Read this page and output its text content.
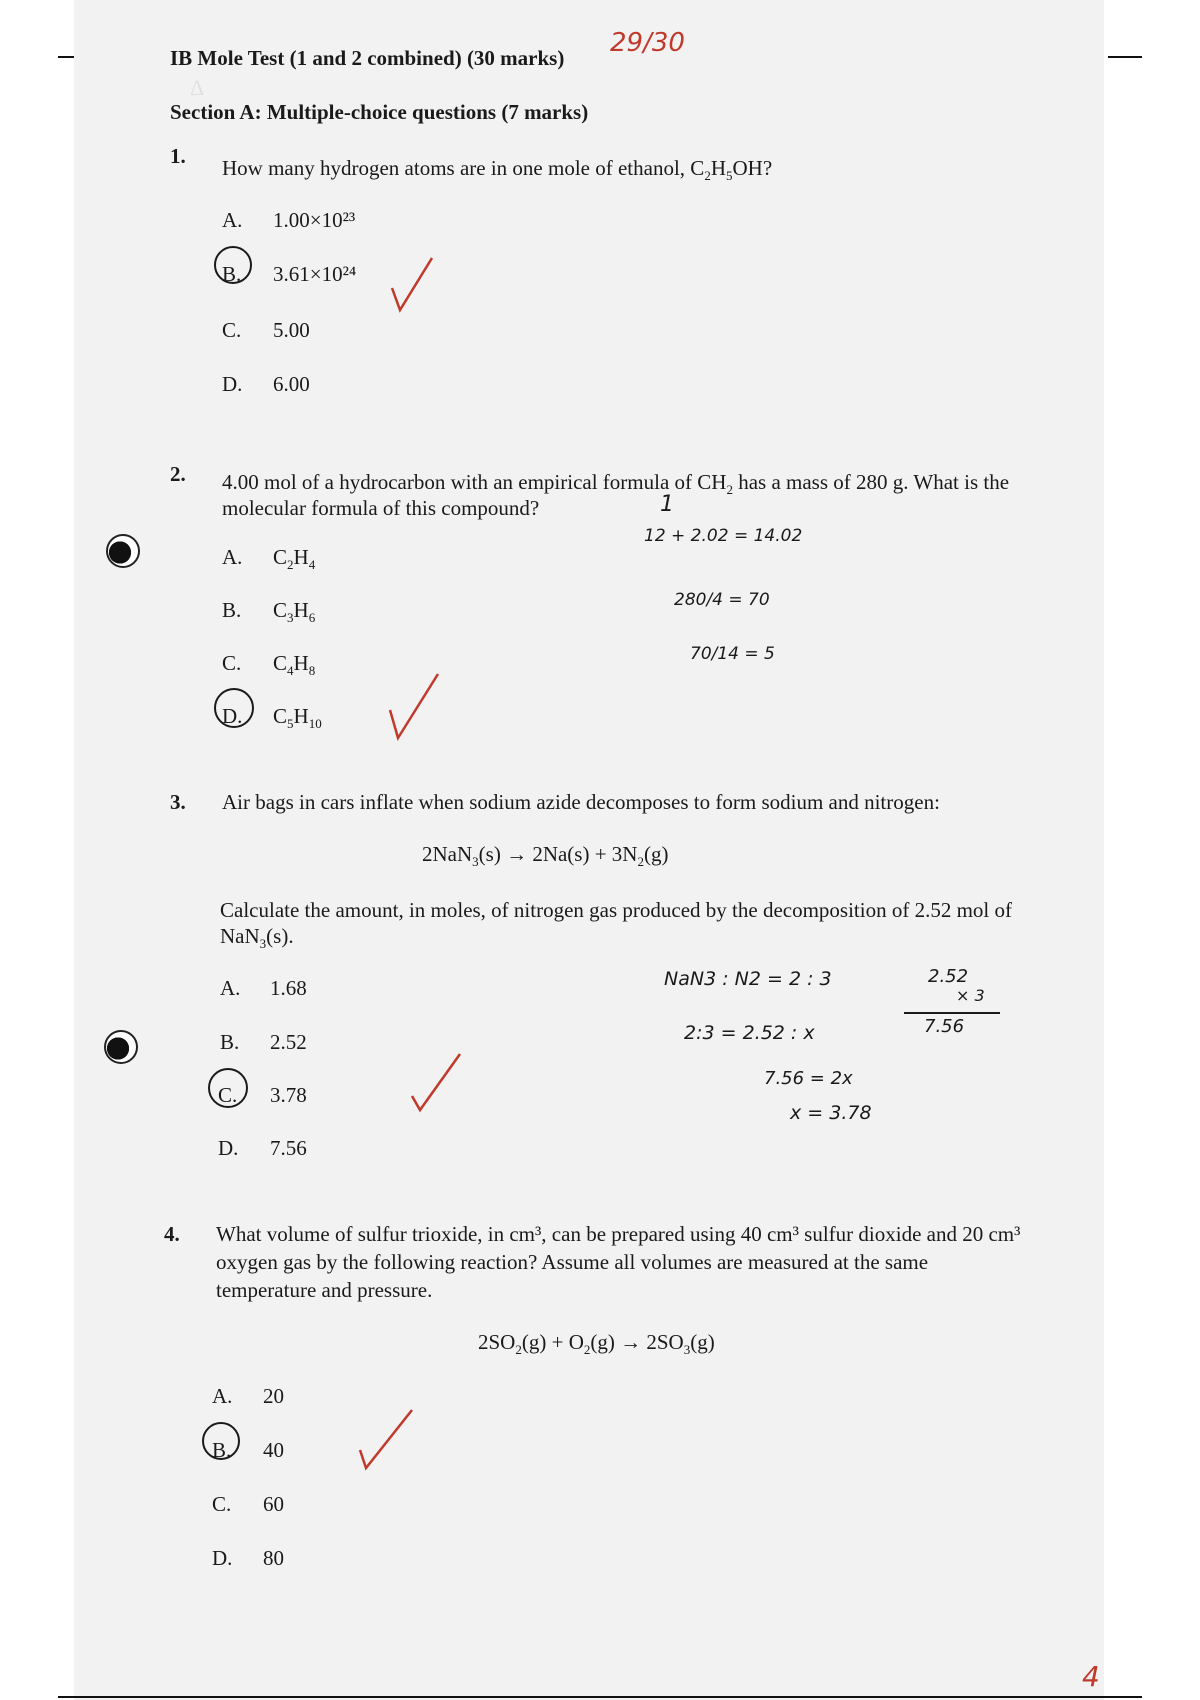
Δ
IB Mole Test (1 and 2 combined) (30 marks) 29/30
Section A: Multiple-choice questions (7 marks)
1. How many hydrogen atoms are in one mole of ethanol, $C_2H_5OH$?
A. 1.00×10²³
B. 3.61×10²⁴
C. 5.00
D. 6.00
2. 4.00 mol of a hydrocarbon with an empirical formula of $CH_2$ has a mass of 280 g. What is the
molecular formula of this compound?
A. $C_2H_4$
B. $C_3H_6$
C. $C_4H_8$
D. $C_5H_{10}$
1
12 + 2.02 = 14.02
280/4 = 70
70/14 = 5
3. Air bags in cars inflate when sodium azide decomposes to form sodium and nitrogen:
$2NaN_3(s) \to 2Na(s) + 3N_2(g)$
Calculate the amount, in moles, of nitrogen gas produced by the decomposition of 2.52 mol of
NaN$_3$(s).
A. 1.68
B. 2.52
C. 3.78
D. 7.56
NaN3 : N2 = 2 : 3
2:3 = 2.52 : x
7.56 = 2x
x = 3.78
2.52
× 3
7.56
4. What volume of sulfur trioxide, in cm³, can be prepared using 40 cm³ sulfur dioxide and 20 cm³
oxygen gas by the following reaction? Assume all volumes are measured at the same
temperature and pressure.
$2SO_2(g) + O_2(g) \to 2SO_3(g)$
A. 20
B. 40
C. 60
D. 80
4
